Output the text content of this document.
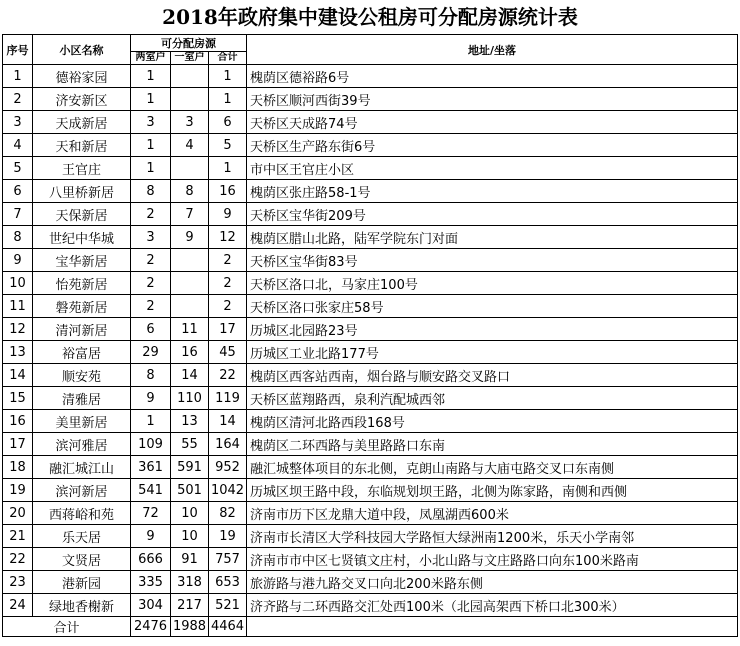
2018年政府集中建设公租房可分配房源统计表
序号	小区名称	可分配房源			地址/坐落
		两室户	一室户	合计	
1	德裕家园	1		1	槐荫区德裕路6号
2	济安新区	1		1	天桥区顺河西街39号
3	天成新居	3	3	6	天桥区天成路74号
4	天和新居	1	4	5	天桥区生产路东街6号
5	王官庄	1		1	市中区王官庄小区
6	八里桥新居	8	8	16	槐荫区张庄路58-1号
7	天保新居	2	7	9	天桥区宝华街209号
8	世纪中华城	3	9	12	槐荫区腊山北路，陆军学院东门对面
9	宝华新居	2		2	天桥区宝华街83号
10	怡苑新居	2		2	天桥区洛口北，马家庄100号
11	磐苑新居	2		2	天桥区洛口张家庄58号
12	清河新居	6	11	17	历城区北园路23号
13	裕富居	29	16	45	历城区工业北路177号
14	顺安苑	8	14	22	槐荫区西客站西南，烟台路与顺安路交叉路口
15	清雅居	9	110	119	天桥区蓝翔路西，泉利汽配城西邻
16	美里新居	1	13	14	槐荫区清河北路西段168号
17	滨河雅居	109	55	164	槐荫区二环西路与美里路路口东南
18	融汇城江山	361	591	952	融汇城整体项目的东北侧，克朗山南路与大庙屯路交叉口东南侧
19	滨河新居	541	501	1042	历城区坝王路中段，东临规划坝王路，北侧为陈家路，南侧和西侧
20	西蒋峪和苑	72	10	82	济南市历下区龙鼎大道中段，凤凰湖西600米
21	乐天居	9	10	19	济南市长清区大学科技园大学路恒大绿洲南1200米，乐天小学南邻
22	文贤居	666	91	757	济南市市中区七贤镇文庄村，小北山路与文庄路路口向东100米路南
23	港新园	335	318	653	旅游路与港九路交叉口向北200米路东侧
24	绿地香榭新	304	217	521	济齐路与二环西路交汇处西100米（北园高架西下桥口北300米）
合计		2476	1988	4464	
